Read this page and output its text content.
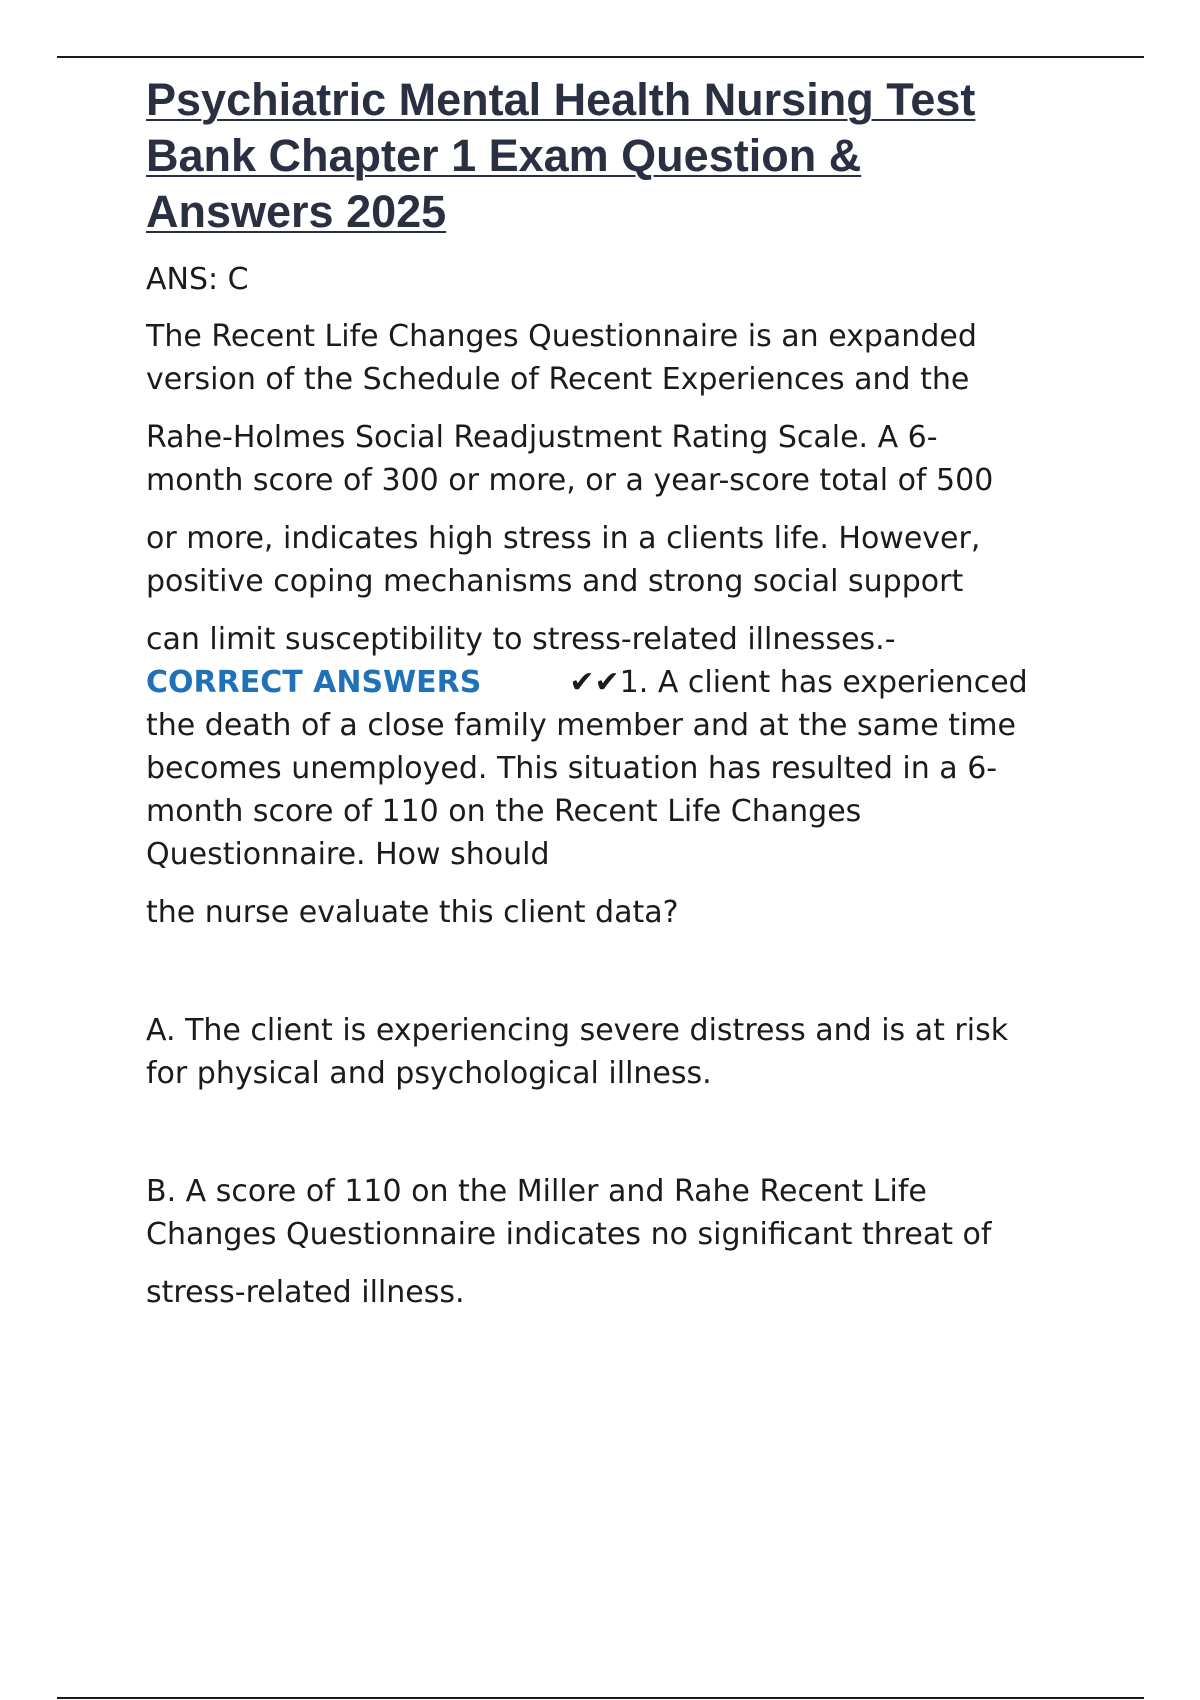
Psychiatric Mental Health Nursing Test
Bank Chapter 1 Exam Question &
Answers 2025

ANS: C

The Recent Life Changes Questionnaire is an expanded

version of the Schedule of Recent Experiences and the

Rahe-Holmes Social Readjustment Rating Scale. A 6-

month score of 300 or more, or a year-score total of 500

or more, indicates high stress in a clients life. However,

positive coping mechanisms and strong social support

can limit susceptibility to stress-related illnesses.-

CORRECT ANSWERS	✔✔1. A client has experienced

the death of a close family member and at the same time

becomes unemployed. This situation has resulted in a 6-

month score of 110 on the Recent Life Changes

Questionnaire. How should

the nurse evaluate this client data?

A. The client is experiencing severe distress and is at risk

for physical and psychological illness.

B. A score of 110 on the Miller and Rahe Recent Life

Changes Questionnaire indicates no significant threat of

stress-related illness.
